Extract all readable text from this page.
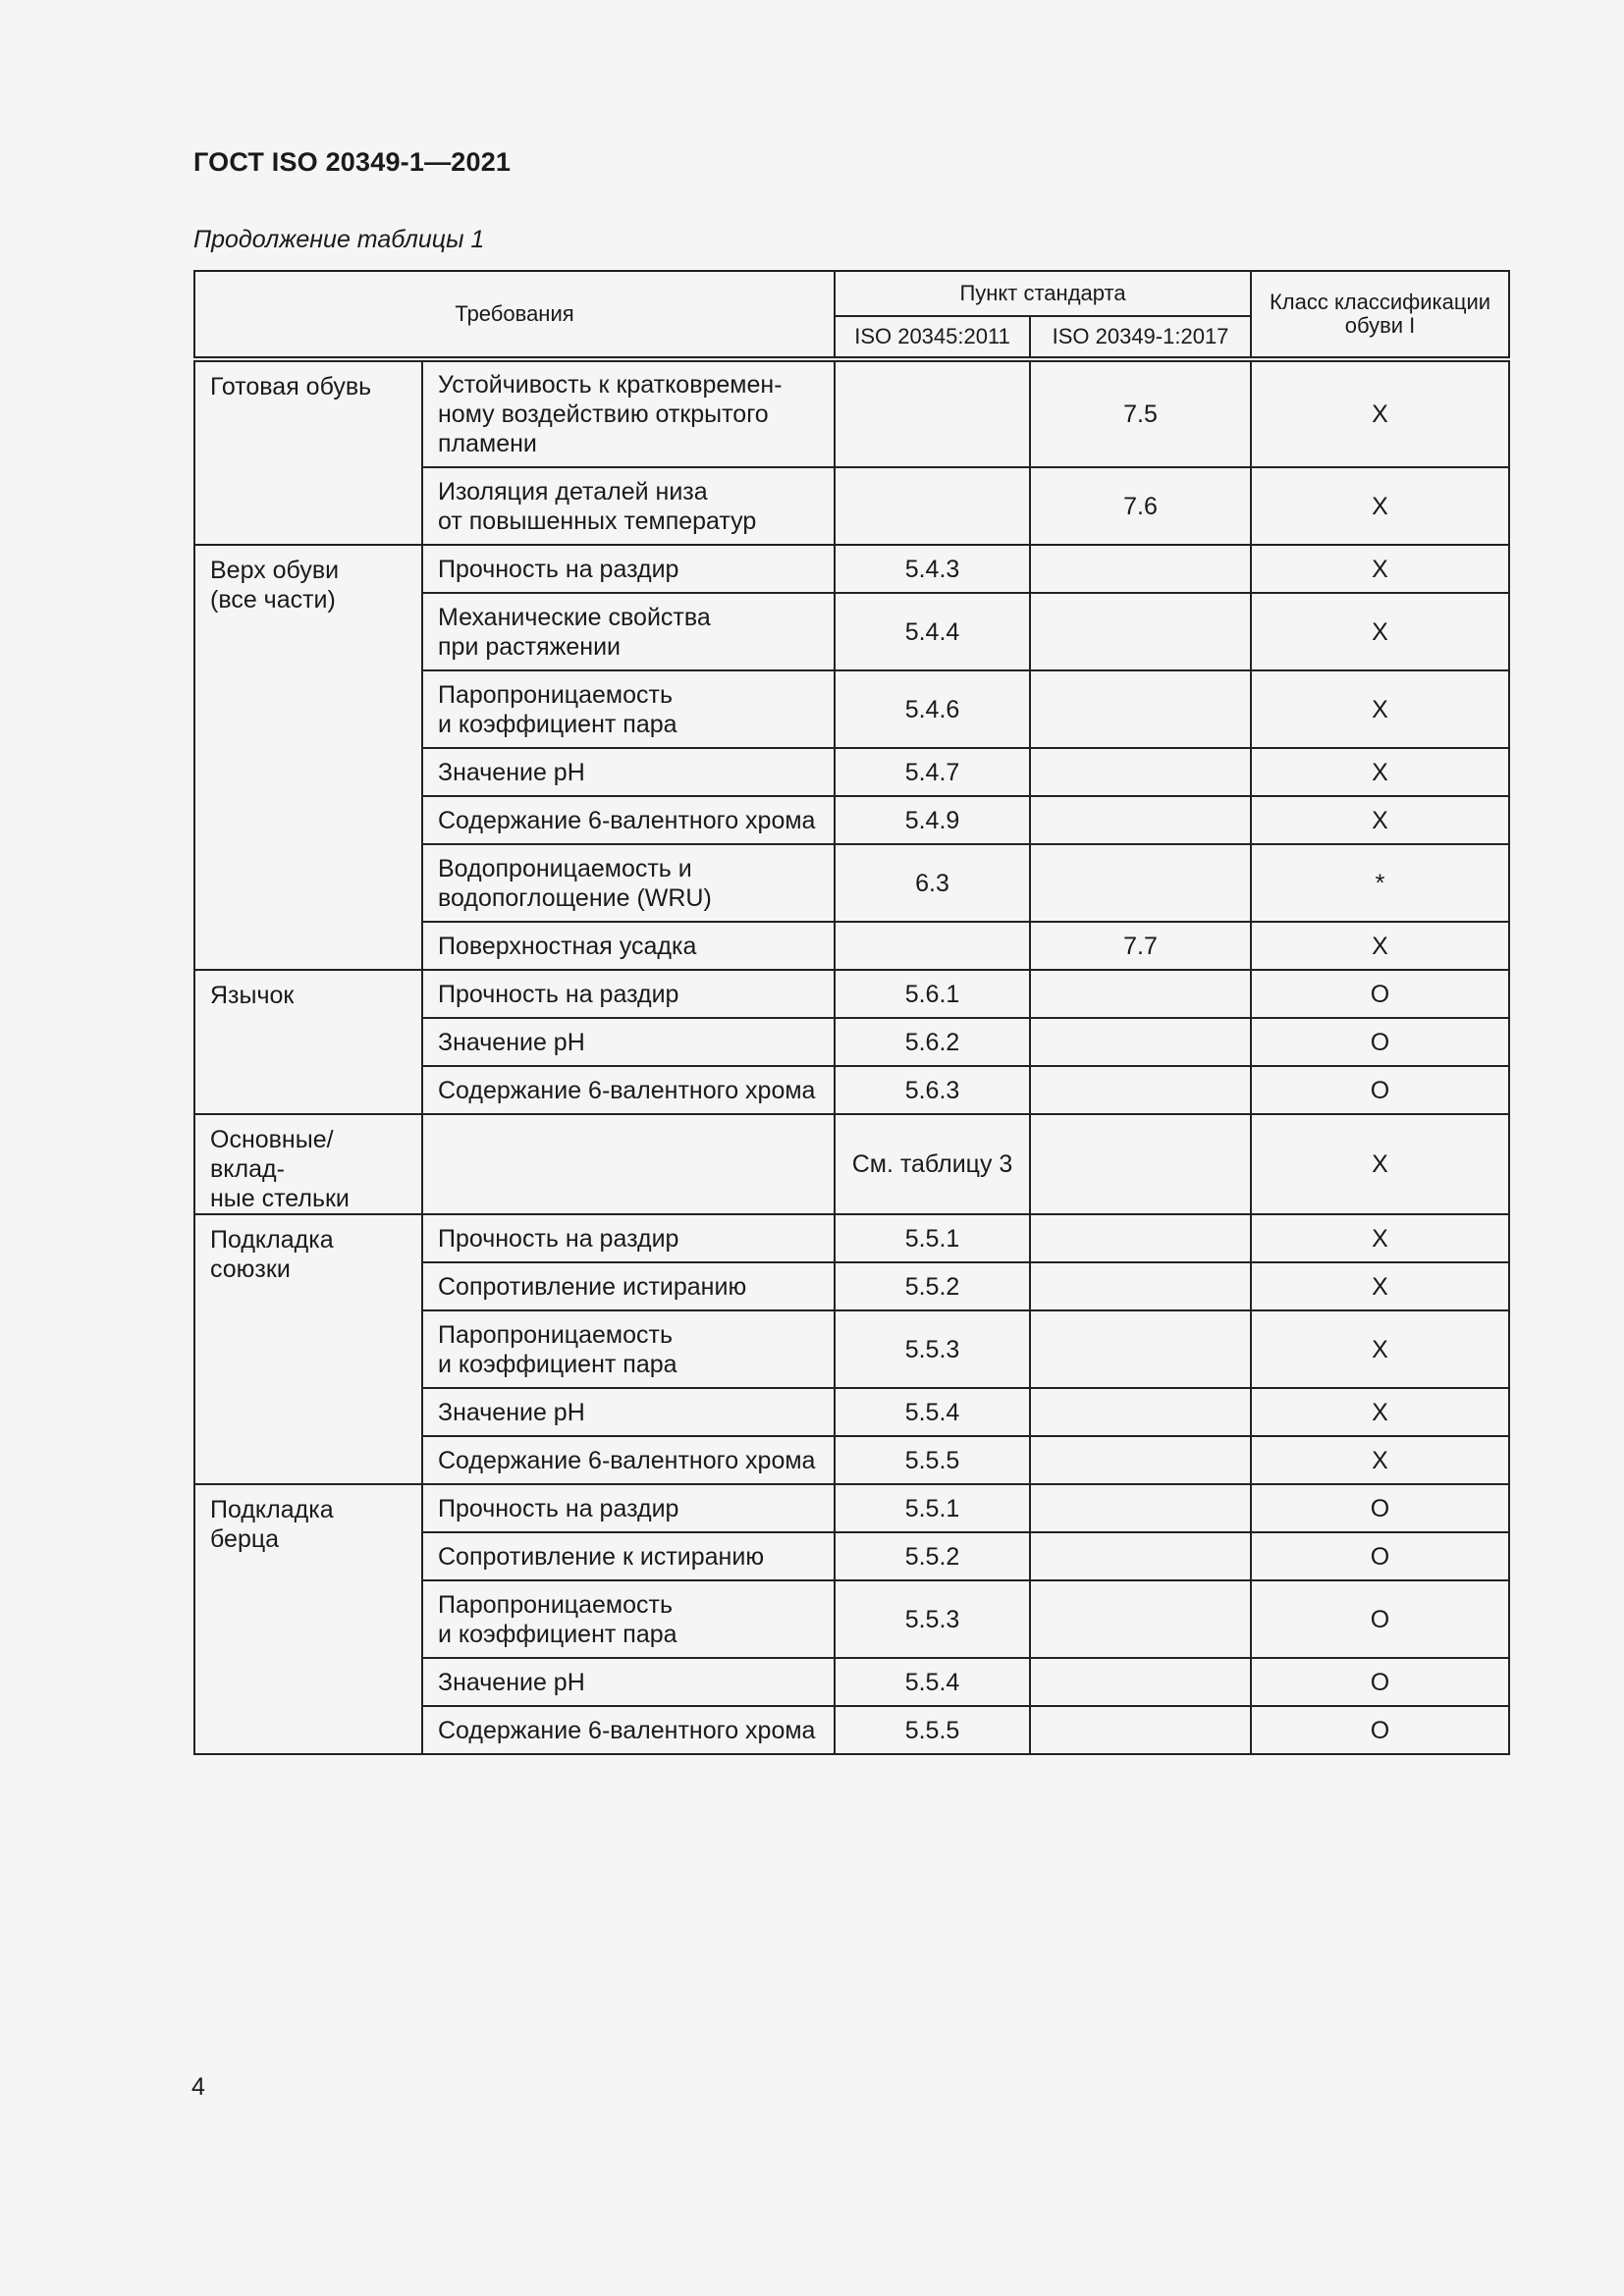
ГОСТ ISO 20349-1—2021
Продолжение таблицы 1
Требования		Пункт стандарта		Класс классификации обуви I
		ISO 20345:2011	ISO 20349-1:2017	
Готовая обувь	Устойчивость к кратковремен-
ному воздействию открытого
пламени		7.5	X
	Изоляция деталей низа
от повышенных температур		7.6	X
Верх обуви
(все части)	Прочность на раздир	5.4.3		X
	Механические свойства
при растяжении	5.4.4		X
	Паропроницаемость
и коэффициент пара	5.4.6		X
	Значение рН	5.4.7		X
	Содержание 6-валентного хрома	5.4.9		X
	Водопроницаемость и
водопоглощение (WRU)	6.3		*
	Поверхностная усадка		7.7	X
Язычок	Прочность на раздир	5.6.1		O
	Значение рН	5.6.2		O
	Содержание 6-валентного хрома	5.6.3		O
Основные/вклад-
ные стельки		См. таблицу 3		X
Подкладка
союзки	Прочность на раздир	5.5.1		X
	Сопротивление истиранию	5.5.2		X
	Паропроницаемость
и коэффициент пара	5.5.3		X
	Значение рН	5.5.4		X
	Содержание 6-валентного хрома	5.5.5		X
Подкладка
берца	Прочность на раздир	5.5.1		O
	Сопротивление к истиранию	5.5.2		O
	Паропроницаемость
и коэффициент пара	5.5.3		O
	Значение рН	5.5.4		O
	Содержание 6-валентного хрома	5.5.5		O
4
